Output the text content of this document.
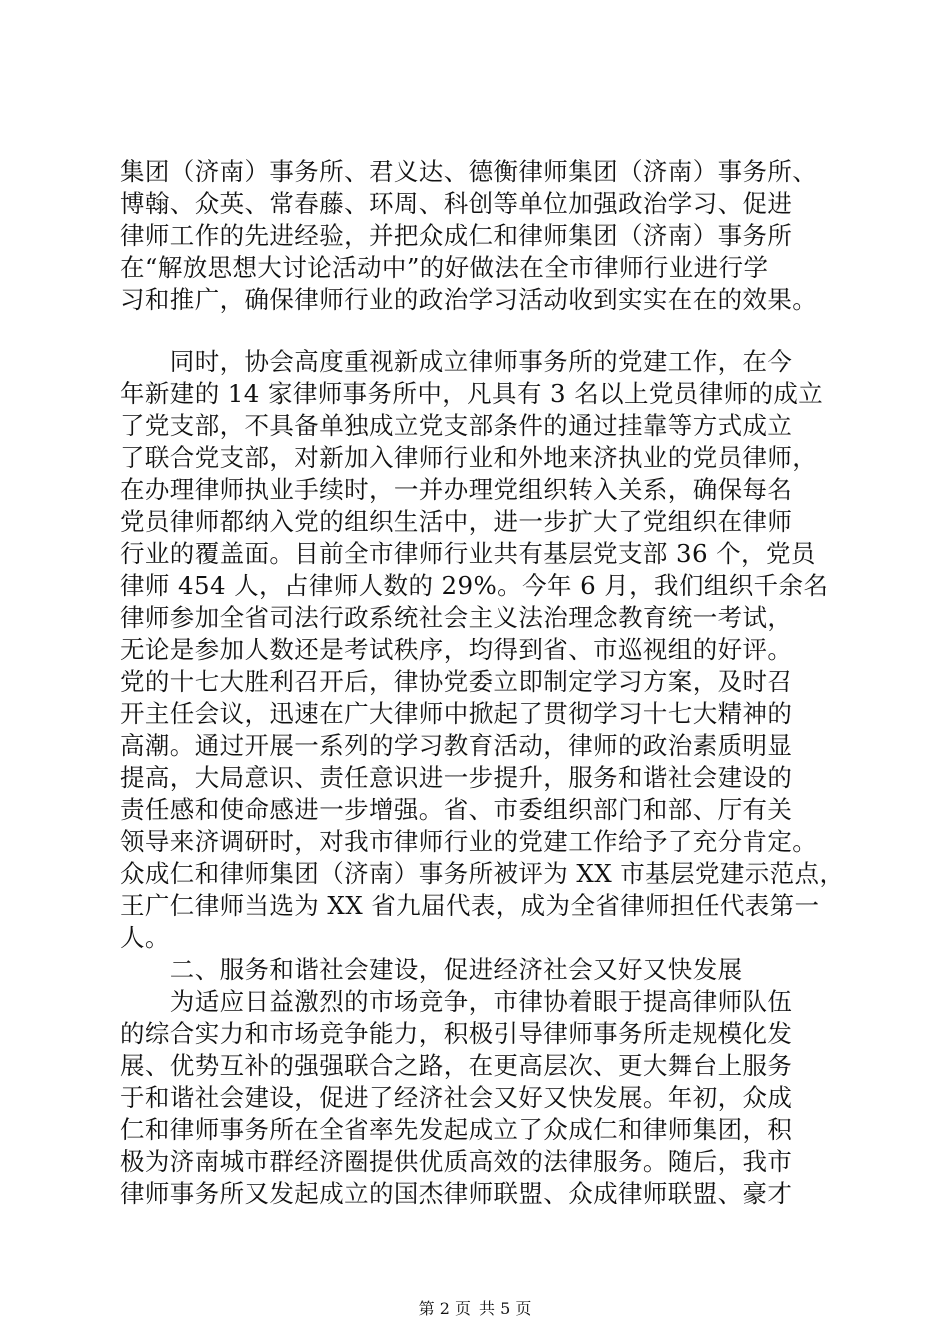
集团（济南）事务所、君义达、德衡律师集团（济南）事务所、
博翰、众英、常春藤、环周、科创等单位加强政治学习、促进
律师工作的先进经验，并把众成仁和律师集团（济南）事务所
在“解放思想大讨论活动中”的好做法在全市律师行业进行学
习和推广，确保律师行业的政治学习活动收到实实在在的效果。
　　同时，协会高度重视新成立律师事务所的党建工作，在今
年新建的 14 家律师事务所中，凡具有 3 名以上党员律师的成立
了党支部，不具备单独成立党支部条件的通过挂靠等方式成立
了联合党支部，对新加入律师行业和外地来济执业的党员律师，
在办理律师执业手续时，一并办理党组织转入关系，确保每名
党员律师都纳入党的组织生活中，进一步扩大了党组织在律师
行业的覆盖面。目前全市律师行业共有基层党支部 36 个，党员
律师 454 人，占律师人数的 29%。今年 6 月，我们组织千余名
律师参加全省司法行政系统社会主义法治理念教育统一考试，
无论是参加人数还是考试秩序，均得到省、市巡视组的好评。
党的十七大胜利召开后，律协党委立即制定学习方案，及时召
开主任会议，迅速在广大律师中掀起了贯彻学习十七大精神的
高潮。通过开展一系列的学习教育活动，律师的政治素质明显
提高，大局意识、责任意识进一步提升，服务和谐社会建设的
责任感和使命感进一步增强。省、市委组织部门和部、厅有关
领导来济调研时，对我市律师行业的党建工作给予了充分肯定。
众成仁和律师集团（济南）事务所被评为 XX 市基层党建示范点，
王广仁律师当选为 XX 省九届代表，成为全省律师担任代表第一
人。
　　二、服务和谐社会建设，促进经济社会又好又快发展
　　为适应日益激烈的市场竞争，市律协着眼于提高律师队伍
的综合实力和市场竞争能力，积极引导律师事务所走规模化发
展、优势互补的强强联合之路，在更高层次、更大舞台上服务
于和谐社会建设，促进了经济社会又好又快发展。年初，众成
仁和律师事务所在全省率先发起成立了众成仁和律师集团，积
极为济南城市群经济圈提供优质高效的法律服务。随后，我市
律师事务所又发起成立的国杰律师联盟、众成律师联盟、豪才
第 2 页 共 5 页
